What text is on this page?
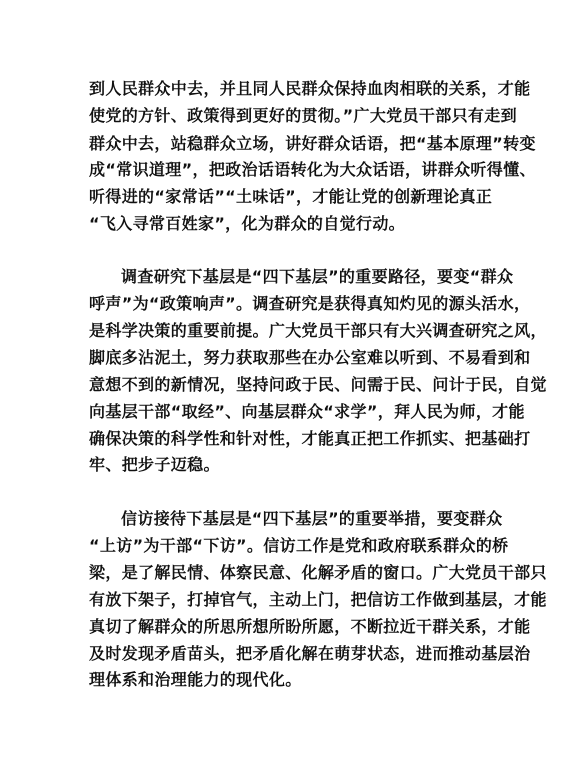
到人民群众中去，并且同人民群众保持血肉相联的关系，才能
使党的方针、政策得到更好的贯彻。”广大党员干部只有走到
群众中去，站稳群众立场，讲好群众话语，把“基本原理”转变
成“常识道理”，把政治话语转化为大众话语，讲群众听得懂、
听得进的“家常话”“土味话”，才能让党的创新理论真正
“飞入寻常百姓家”，化为群众的自觉行动。
调查研究下基层是“四下基层”的重要路径，要变“群众
呼声”为“政策响声”。调查研究是获得真知灼见的源头活水，
是科学决策的重要前提。广大党员干部只有大兴调查研究之风，
脚底多沾泥土，努力获取那些在办公室难以听到、不易看到和
意想不到的新情况，坚持问政于民、问需于民、问计于民，自觉
向基层干部“取经”、向基层群众“求学”，拜人民为师，才能
确保决策的科学性和针对性，才能真正把工作抓实、把基础打
牢、把步子迈稳。
信访接待下基层是“四下基层”的重要举措，要变群众
“上访”为干部“下访”。信访工作是党和政府联系群众的桥
梁，是了解民情、体察民意、化解矛盾的窗口。广大党员干部只
有放下架子，打掉官气，主动上门，把信访工作做到基层，才能
真切了解群众的所思所想所盼所愿，不断拉近干群关系，才能
及时发现矛盾苗头，把矛盾化解在萌芽状态，进而推动基层治
理体系和治理能力的现代化。
